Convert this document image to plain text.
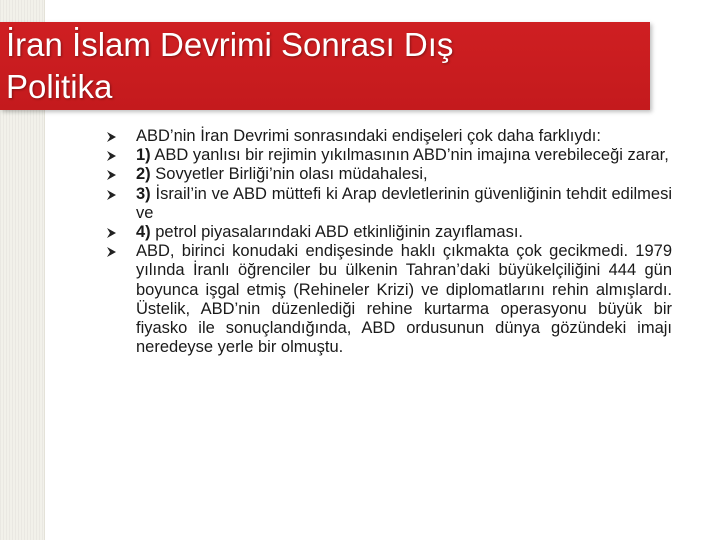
İran İslam Devrimi Sonrası Dış
Politika
ABD’nin İran Devrimi sonrasındaki endişeleri çok daha farklıydı:
1) ABD yanlısı bir rejimin yıkılmasının ABD’nin imajına verebileceği zarar,
2) Sovyetler Birliği’nin olası müdahalesi,
3) İsrail’in ve ABD müttefi ki Arap devletlerinin güvenliğinin tehdit edilmesi ve
4) petrol piyasalarındaki ABD etkinliğinin zayıflaması.
ABD, birinci konudaki endişesinde haklı çıkmakta çok gecikmedi. 1979 yılında İranlı öğrenciler bu ülkenin Tahran’daki büyükelçiliğini 444 gün boyunca işgal etmiş (Rehineler Krizi) ve diplomatlarını rehin almışlardı. Üstelik, ABD’nin düzenlediği rehine kurtarma operasyonu büyük bir fiyasko ile sonuçlandığında, ABD ordusunun dünya gözündeki imajı neredeyse yerle bir olmuştu.
